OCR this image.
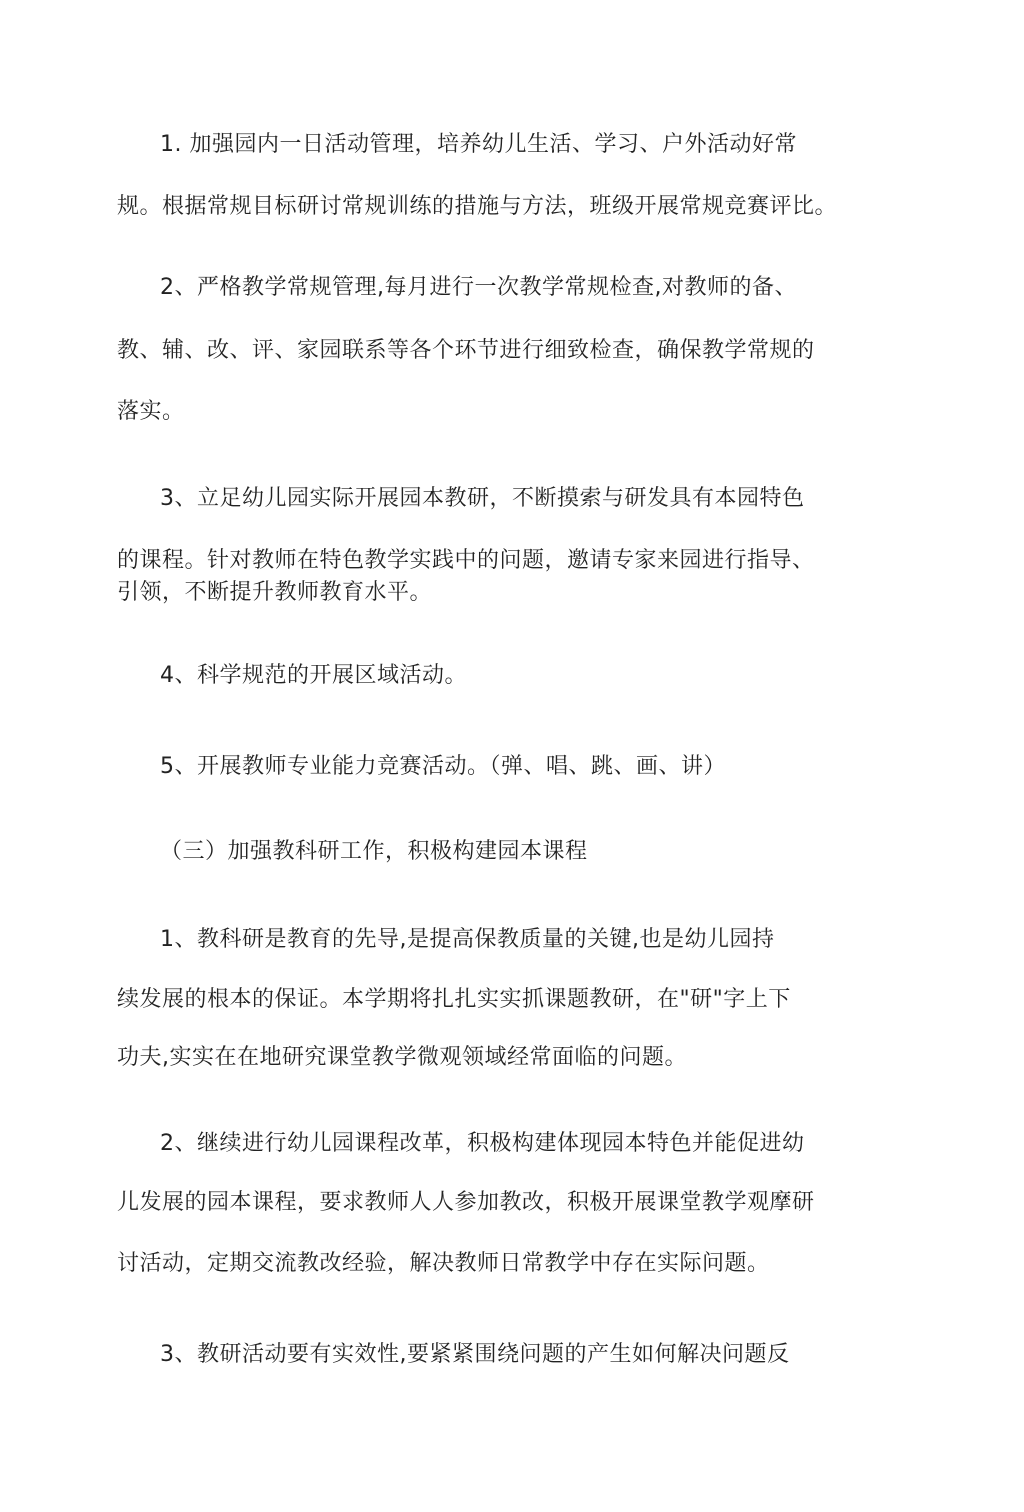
1. 加强园内一日活动管理，培养幼儿生活、学习、户外活动好常
规。根据常规目标研讨常规训练的措施与方法，班级开展常规竞赛评比。
2、严格教学常规管理,每月进行一次教学常规检查,对教师的备、
教、辅、改、评、家园联系等各个环节进行细致检查，确保教学常规的
落实。
3、立足幼儿园实际开展园本教研，不断摸索与研发具有本园特色
的课程。针对教师在特色教学实践中的问题，邀请专家来园进行指导、
引领，不断提升教师教育水平。
4、科学规范的开展区域活动。
5、开展教师专业能力竞赛活动。（弹、唱、跳、画、讲）
（三）加强教科研工作，积极构建园本课程
1、教科研是教育的先导,是提高保教质量的关键,也是幼儿园持
续发展的根本的保证。本学期将扎扎实实抓课题教研，在"研"字上下
功夫,实实在在地研究课堂教学微观领域经常面临的问题。
2、继续进行幼儿园课程改革，积极构建体现园本特色并能促进幼
儿发展的园本课程，要求教师人人参加教改，积极开展课堂教学观摩研
讨活动，定期交流教改经验，解决教师日常教学中存在实际问题。
3、教研活动要有实效性,要紧紧围绕问题的产生如何解决问题反
